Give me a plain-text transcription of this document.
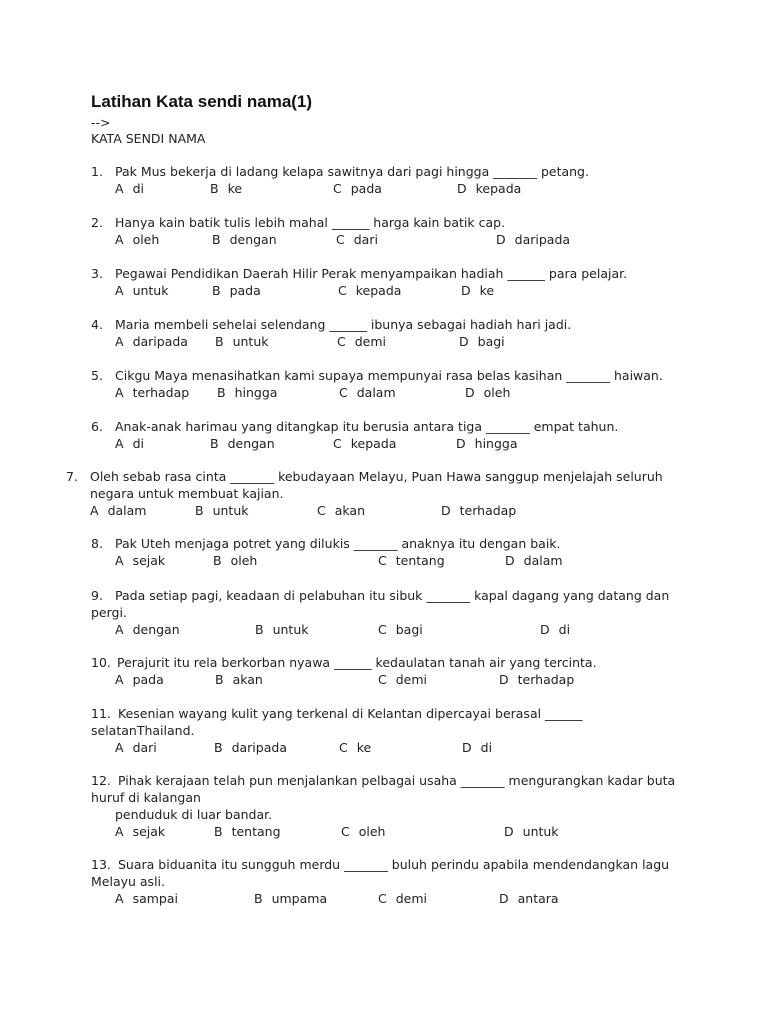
Latihan Kata sendi nama(1)
-->
KATA SENDI NAMA
1. Pak Mus bekerja di ladang kelapa sawitnya dari pagi hingga _______ petang.
A di	B ke	C pada	D kepada
2. Hanya kain batik tulis lebih mahal ______ harga kain batik cap.
A oleh	B dengan	C dari	D daripada
3. Pegawai Pendidikan Daerah Hilir Perak menyampaikan hadiah ______ para pelajar.
A untuk	B pada	C kepada	D ke
4. Maria membeli sehelai selendang ______ ibunya sebagai hadiah hari jadi.
A daripada B untuk	C demi	D bagi
5. Cikgu Maya menasihatkan kami supaya mempunyai rasa belas kasihan _______ haiwan.
A terhadap B hingga	C dalam	D oleh
6. Anak-anak harimau yang ditangkap itu berusia antara tiga _______ empat tahun.
A di	B dengan	C kepada	D hingga
7. Oleh sebab rasa cinta _______ kebudayaan Melayu, Puan Hawa sanggup menjelajah seluruh
negara untuk membuat kajian.
A dalam	B untuk	C akan	D terhadap
8. Pak Uteh menjaga potret yang dilukis _______ anaknya itu dengan baik.
A sejak	B oleh	C tentang	D dalam
9. Pada setiap pagi, keadaan di pelabuhan itu sibuk _______ kapal dagang yang datang dan
pergi.
A dengan	B untuk	C bagi	D di
10. Perajurit itu rela berkorban nyawa ______ kedaulatan tanah air yang tercinta.
A pada	B akan	C demi	D terhadap
11. Kesenian wayang kulit yang terkenal di Kelantan dipercayai berasal ______
selatanThailand.
A dari	B daripada	C ke	D di
12. Pihak kerajaan telah pun menjalankan pelbagai usaha _______ mengurangkan kadar buta
huruf di kalangan
penduduk di luar bandar.
A sejak	B tentang	C oleh	D untuk
13. Suara biduanita itu sungguh merdu _______ buluh perindu apabila mendendangkan lagu
Melayu asli.
A sampai	B umpama	C demi	D antara
